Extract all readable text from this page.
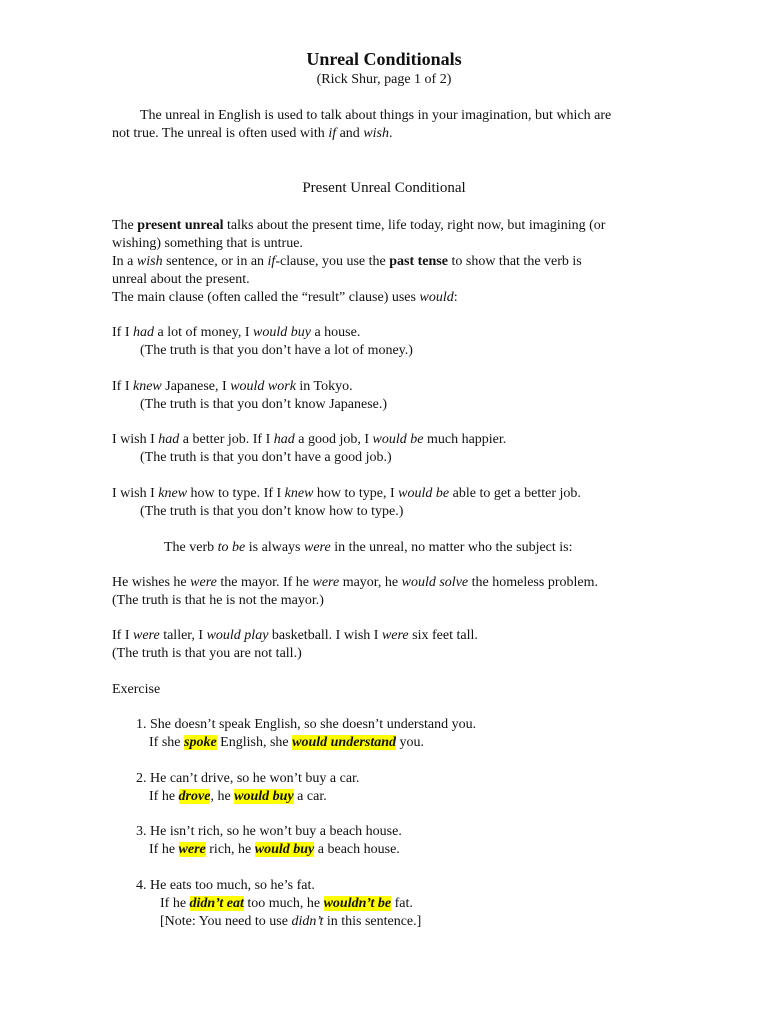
Unreal Conditionals
(Rick Shur, page 1 of 2)
The unreal in English is used to talk about things in your imagination, but which are
not true. The unreal is often used with if and wish.
Present Unreal Conditional
The present unreal talks about the present time, life today, right now, but imagining (or
wishing) something that is untrue.
In a wish sentence, or in an if-clause, you use the past tense to show that the verb is
unreal about the present.
The main clause (often called the “result” clause) uses would:
If I had a lot of money, I would buy a house.
(The truth is that you don’t have a lot of money.)
If I knew Japanese, I would work in Tokyo.
(The truth is that you don’t know Japanese.)
I wish I had a better job. If I had a good job, I would be much happier.
(The truth is that you don’t have a good job.)
I wish I knew how to type. If I knew how to type, I would be able to get a better job.
(The truth is that you don’t know how to type.)
The verb to be is always were in the unreal, no matter who the subject is:
He wishes he were the mayor. If he were mayor, he would solve the homeless problem.
(The truth is that he is not the mayor.)
If I were taller, I would play basketball. I wish I were six feet tall.
(The truth is that you are not tall.)
Exercise
1. She doesn’t speak English, so she doesn’t understand you.
If she spoke English, she would understand you.
2. He can’t drive, so he won’t buy a car.
If he drove, he would buy a car.
3. He isn’t rich, so he won’t buy a beach house.
If he were rich, he would buy a beach house.
4. He eats too much, so he’s fat.
If he didn’t eat too much, he wouldn’t be fat.
[Note: You need to use didn’t in this sentence.]
